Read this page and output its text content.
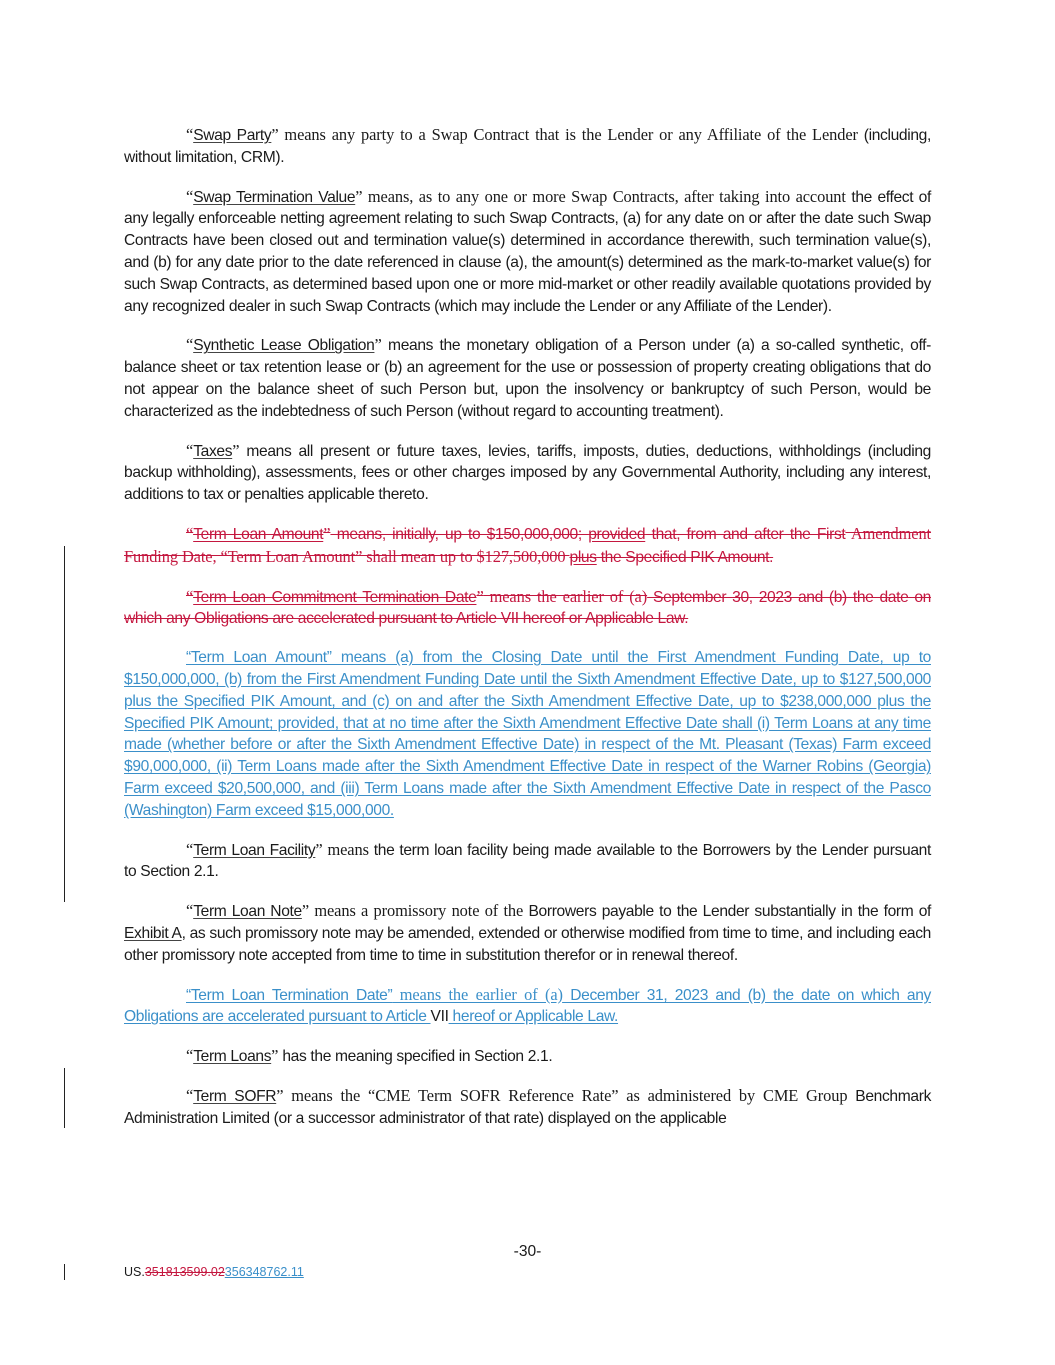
“Swap Party” means any party to a Swap Contract that is the Lender or any Affiliate of the Lender (including, without limitation, CRM).

“Swap Termination Value” means, as to any one or more Swap Contracts, after taking into account the effect of any legally enforceable netting agreement relating to such Swap Contracts, (a) for any date on or after the date such Swap Contracts have been closed out and termination value(s) determined in accordance therewith, such termination value(s), and (b) for any date prior to the date referenced in clause (a), the amount(s) determined as the mark-to-market value(s) for such Swap Contracts, as determined based upon one or more mid-market or other readily available quotations provided by any recognized dealer in such Swap Contracts (which may include the Lender or any Affiliate of the Lender).

“Synthetic Lease Obligation” means the monetary obligation of a Person under (a) a so-called synthetic, off-balance sheet or tax retention lease or (b) an agreement for the use or possession of property creating obligations that do not appear on the balance sheet of such Person but, upon the insolvency or bankruptcy of such Person, would be characterized as the indebtedness of such Person (without regard to accounting treatment).

“Taxes” means all present or future taxes, levies, tariffs, imposts, duties, deductions, withholdings (including backup withholding), assessments, fees or other charges imposed by any Governmental Authority, including any interest, additions to tax or penalties applicable thereto.

“Term Loan Amount” means, initially, up to $150,000,000; provided that, from and after the First Amendment Funding Date, “Term Loan Amount” shall mean up to $127,500,000 plus the Specified PIK Amount.

“Term Loan Commitment Termination Date” means the earlier of (a) September 30, 2023 and (b) the date on which any Obligations are accelerated pursuant to Article VII hereof or Applicable Law.

“Term Loan Amount” means (a) from the Closing Date until the First Amendment Funding Date, up to $150,000,000, (b) from the First Amendment Funding Date until the Sixth Amendment Effective Date, up to $127,500,000 plus the Specified PIK Amount, and (c) on and after the Sixth Amendment Effective Date, up to $238,000,000 plus the Specified PIK Amount; provided, that at no time after the Sixth Amendment Effective Date shall (i) Term Loans at any time made (whether before or after the Sixth Amendment Effective Date) in respect of the Mt. Pleasant (Texas) Farm exceed $90,000,000, (ii) Term Loans made after the Sixth Amendment Effective Date in respect of the Warner Robins (Georgia) Farm exceed $20,500,000, and (iii) Term Loans made after the Sixth Amendment Effective Date in respect of the Pasco (Washington) Farm exceed $15,000,000.

“Term Loan Facility” means the term loan facility being made available to the Borrowers by the Lender pursuant to Section 2.1.

“Term Loan Note” means a promissory note of the Borrowers payable to the Lender substantially in the form of Exhibit A, as such promissory note may be amended, extended or otherwise modified from time to time, and including each other promissory note accepted from time to time in substitution therefor or in renewal thereof.

“Term Loan Termination Date” means the earlier of (a) December 31, 2023 and (b) the date on which any Obligations are accelerated pursuant to Article VII hereof or Applicable Law.

“Term Loans” has the meaning specified in Section 2.1.

“Term SOFR” means the “CME Term SOFR Reference Rate” as administered by CME Group Benchmark Administration Limited (or a successor administrator of that rate) displayed on the applicable

-30-
US.351813599.02356348762.11
